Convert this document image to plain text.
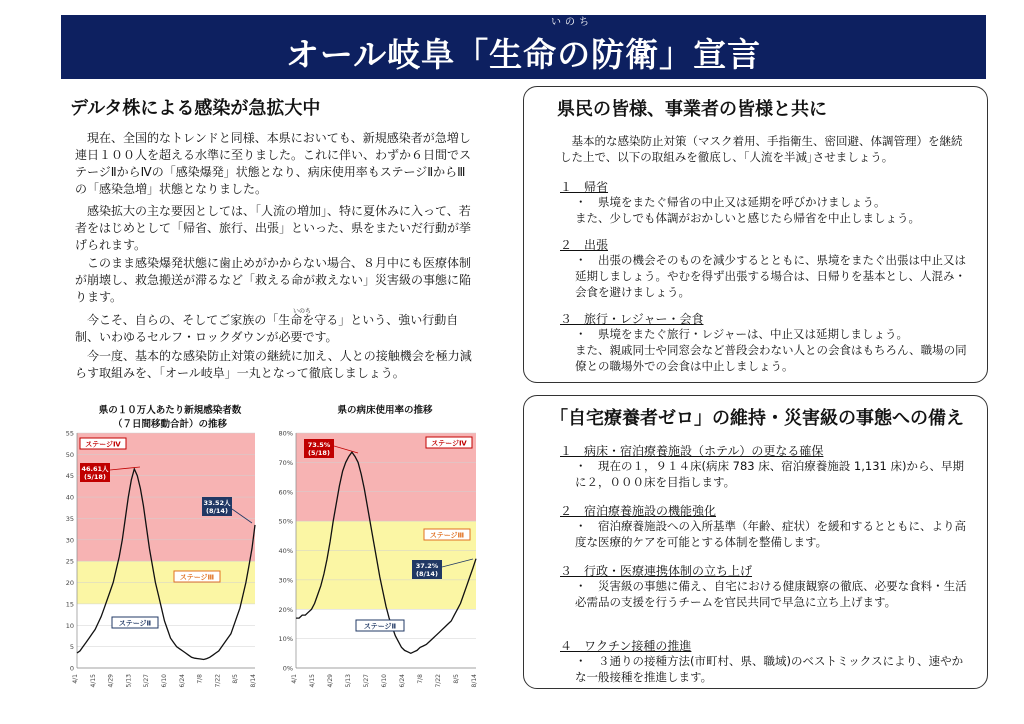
いのち
オール岐阜「生命の防衛」宣言
デルタ株による感染が急拡大中
現在、全国的なトレンドと同様、本県においても、新規感染者が急増し連日１００人を超える水準に至りました。これに伴い、わずか６日間でステージⅡからⅣの「感染爆発」状態となり、病床使用率もステージⅡからⅢの「感染急増」状態となりました。
感染拡大の主な要因としては、｢人流の増加｣、特に夏休みに入って、若者をはじめとして「帰省、旅行、出張」といった、県をまたいだ行動が挙げられます。
このまま感染爆発状態に歯止めがかからない場合、８月中にも医療体制が崩壊し、救急搬送が滞るなど「救える命が救えない」災害級の事態に陥ります。
いのち
今こそ、自らの、そしてご家族の「生命を守る」という、強い行動自制、いわゆるセルフ・ロックダウンが必要です。
今一度、基本的な感染防止対策の継続に加え、人との接触機会を極力減らす取組みを、「オール岐阜」一丸となって徹底しましょう。
県民の皆様、事業者の皆様と共に
基本的な感染防止対策（マスク着用、手指衛生、密回避、体調管理）を継続した上で、以下の取組みを徹底し、｢人流を半減｣させましょう。
１　帰省
・　県境をまたぐ帰省の中止又は延期を呼びかけましょう。
また、少しでも体調がおかしいと感じたら帰省を中止しましょう。
２　出張
・　出張の機会そのものを減少するとともに、県境をまたぐ出張は中止又は延期しましょう。やむを得ず出張する場合は、日帰りを基本とし、人混み・会食を避けましょう。
３　旅行・レジャー・会食
・　県境をまたぐ旅行・レジャーは、中止又は延期しましょう。
また、親戚同士や同窓会など普段会わない人との会食はもちろん、職場の同僚との職場外での会食は中止しましょう。
「自宅療養者ゼロ」の維持・災害級の事態への備え
１　病床・宿泊療養施設（ホテル）の更なる確保
・　現在の１，９１４床(病床 783 床、宿泊療養施設 1,131 床)から、早期に２，０００床を目指します。
２　宿泊療養施設の機能強化
・　宿泊療養施設への入所基準（年齢、症状）を緩和するとともに、より高度な医療的ケアを可能とする体制を整備します。
３　行政・医療連携体制の立ち上げ
・　災害級の事態に備え、自宅における健康観察の徹底、必要な食料・生活必需品の支援を行うチームを官民共同で早急に立ち上げます。
４　ワクチン接種の推進
・　３通りの接種方法(市町村、県、職域)のベストミックスにより、速やかな一般接種を推進します。
県の１０万人あたり新規感染者数
（７日間移動合計）の推移
県の病床使用率の推移
0
5
10
15
20
25
30
35
40
45
50
55
4/1 4/15 4/29 5/13 5/27 6/10 6/24 7/8 7/22 8/5 8/14
ステージⅡ
ステージⅢ
ステージⅣ
46.61人
(5/18)
33.52人
(8/14)
0%
10%
20%
30%
40%
50%
60%
70%
80%
4/1 4/15 4/29 5/13 5/27 6/10 6/24 7/8 7/22 8/5 8/14
ステージⅡ
ステージⅢ
ステージⅣ
73.5%
(5/18)
37.2%
(8/14)
